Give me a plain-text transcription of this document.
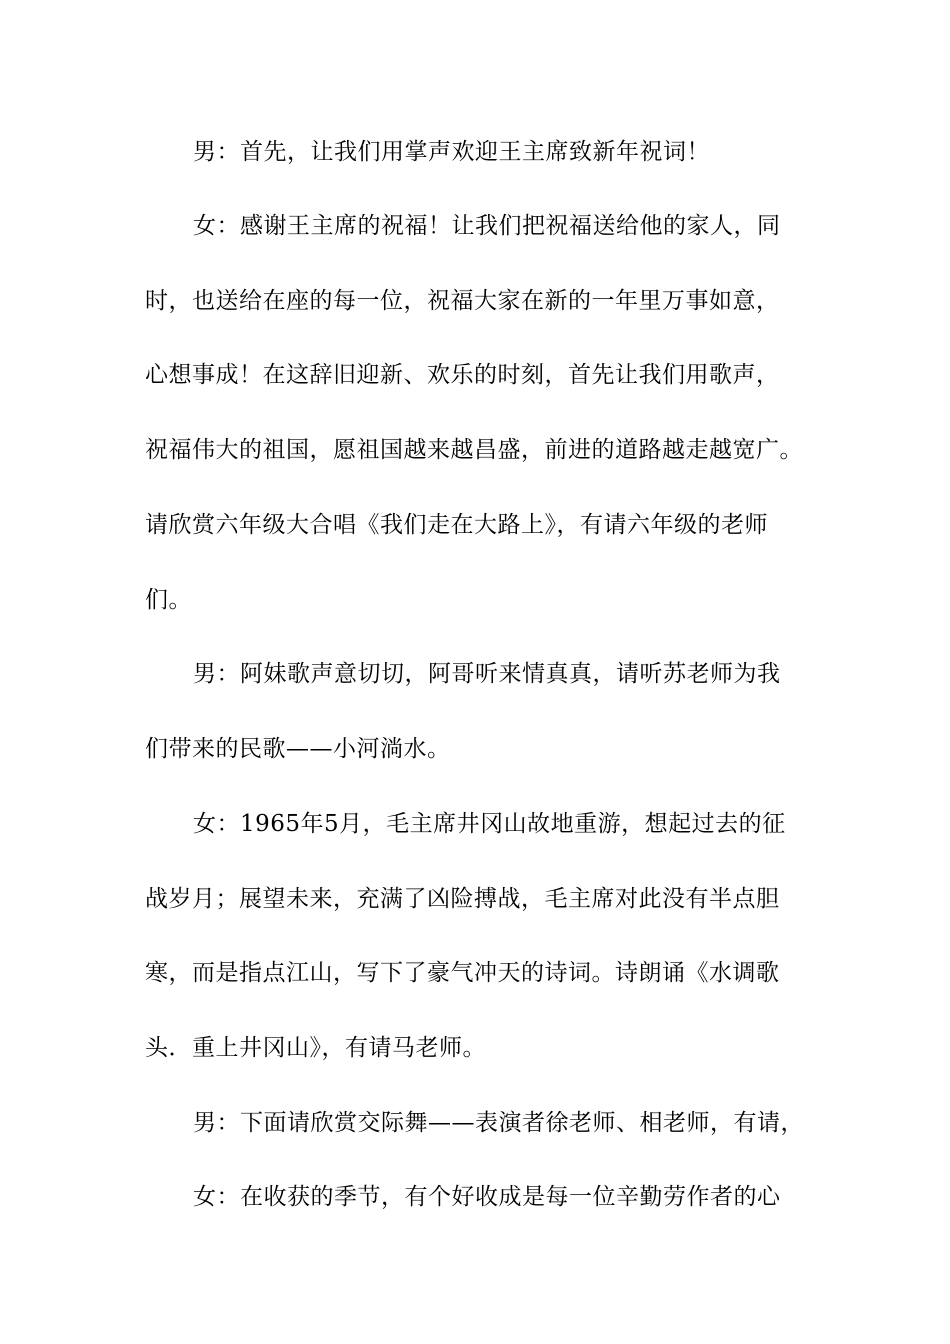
男：首先，让我们用掌声欢迎王主席致新年祝词！
女：感谢王主席的祝福！让我们把祝福送给他的家人，同
时，也送给在座的每一位，祝福大家在新的一年里万事如意，
心想事成！在这辞旧迎新、欢乐的时刻，首先让我们用歌声，
祝福伟大的祖国，愿祖国越来越昌盛，前进的道路越走越宽广。
请欣赏六年级大合唱《我们走在大路上》，有请六年级的老师
们。
男：阿妹歌声意切切，阿哥听来情真真，请听苏老师为我
们带来的民歌——小河淌水。
女：1965年5月，毛主席井冈山故地重游，想起过去的征
战岁月；展望未来，充满了凶险搏战，毛主席对此没有半点胆
寒，而是指点江山，写下了豪气冲天的诗词。诗朗诵《水调歌
头．重上井冈山》，有请马老师。
男：下面请欣赏交际舞——表演者徐老师、相老师，有请，
女：在收获的季节，有个好收成是每一位辛勤劳作者的心
